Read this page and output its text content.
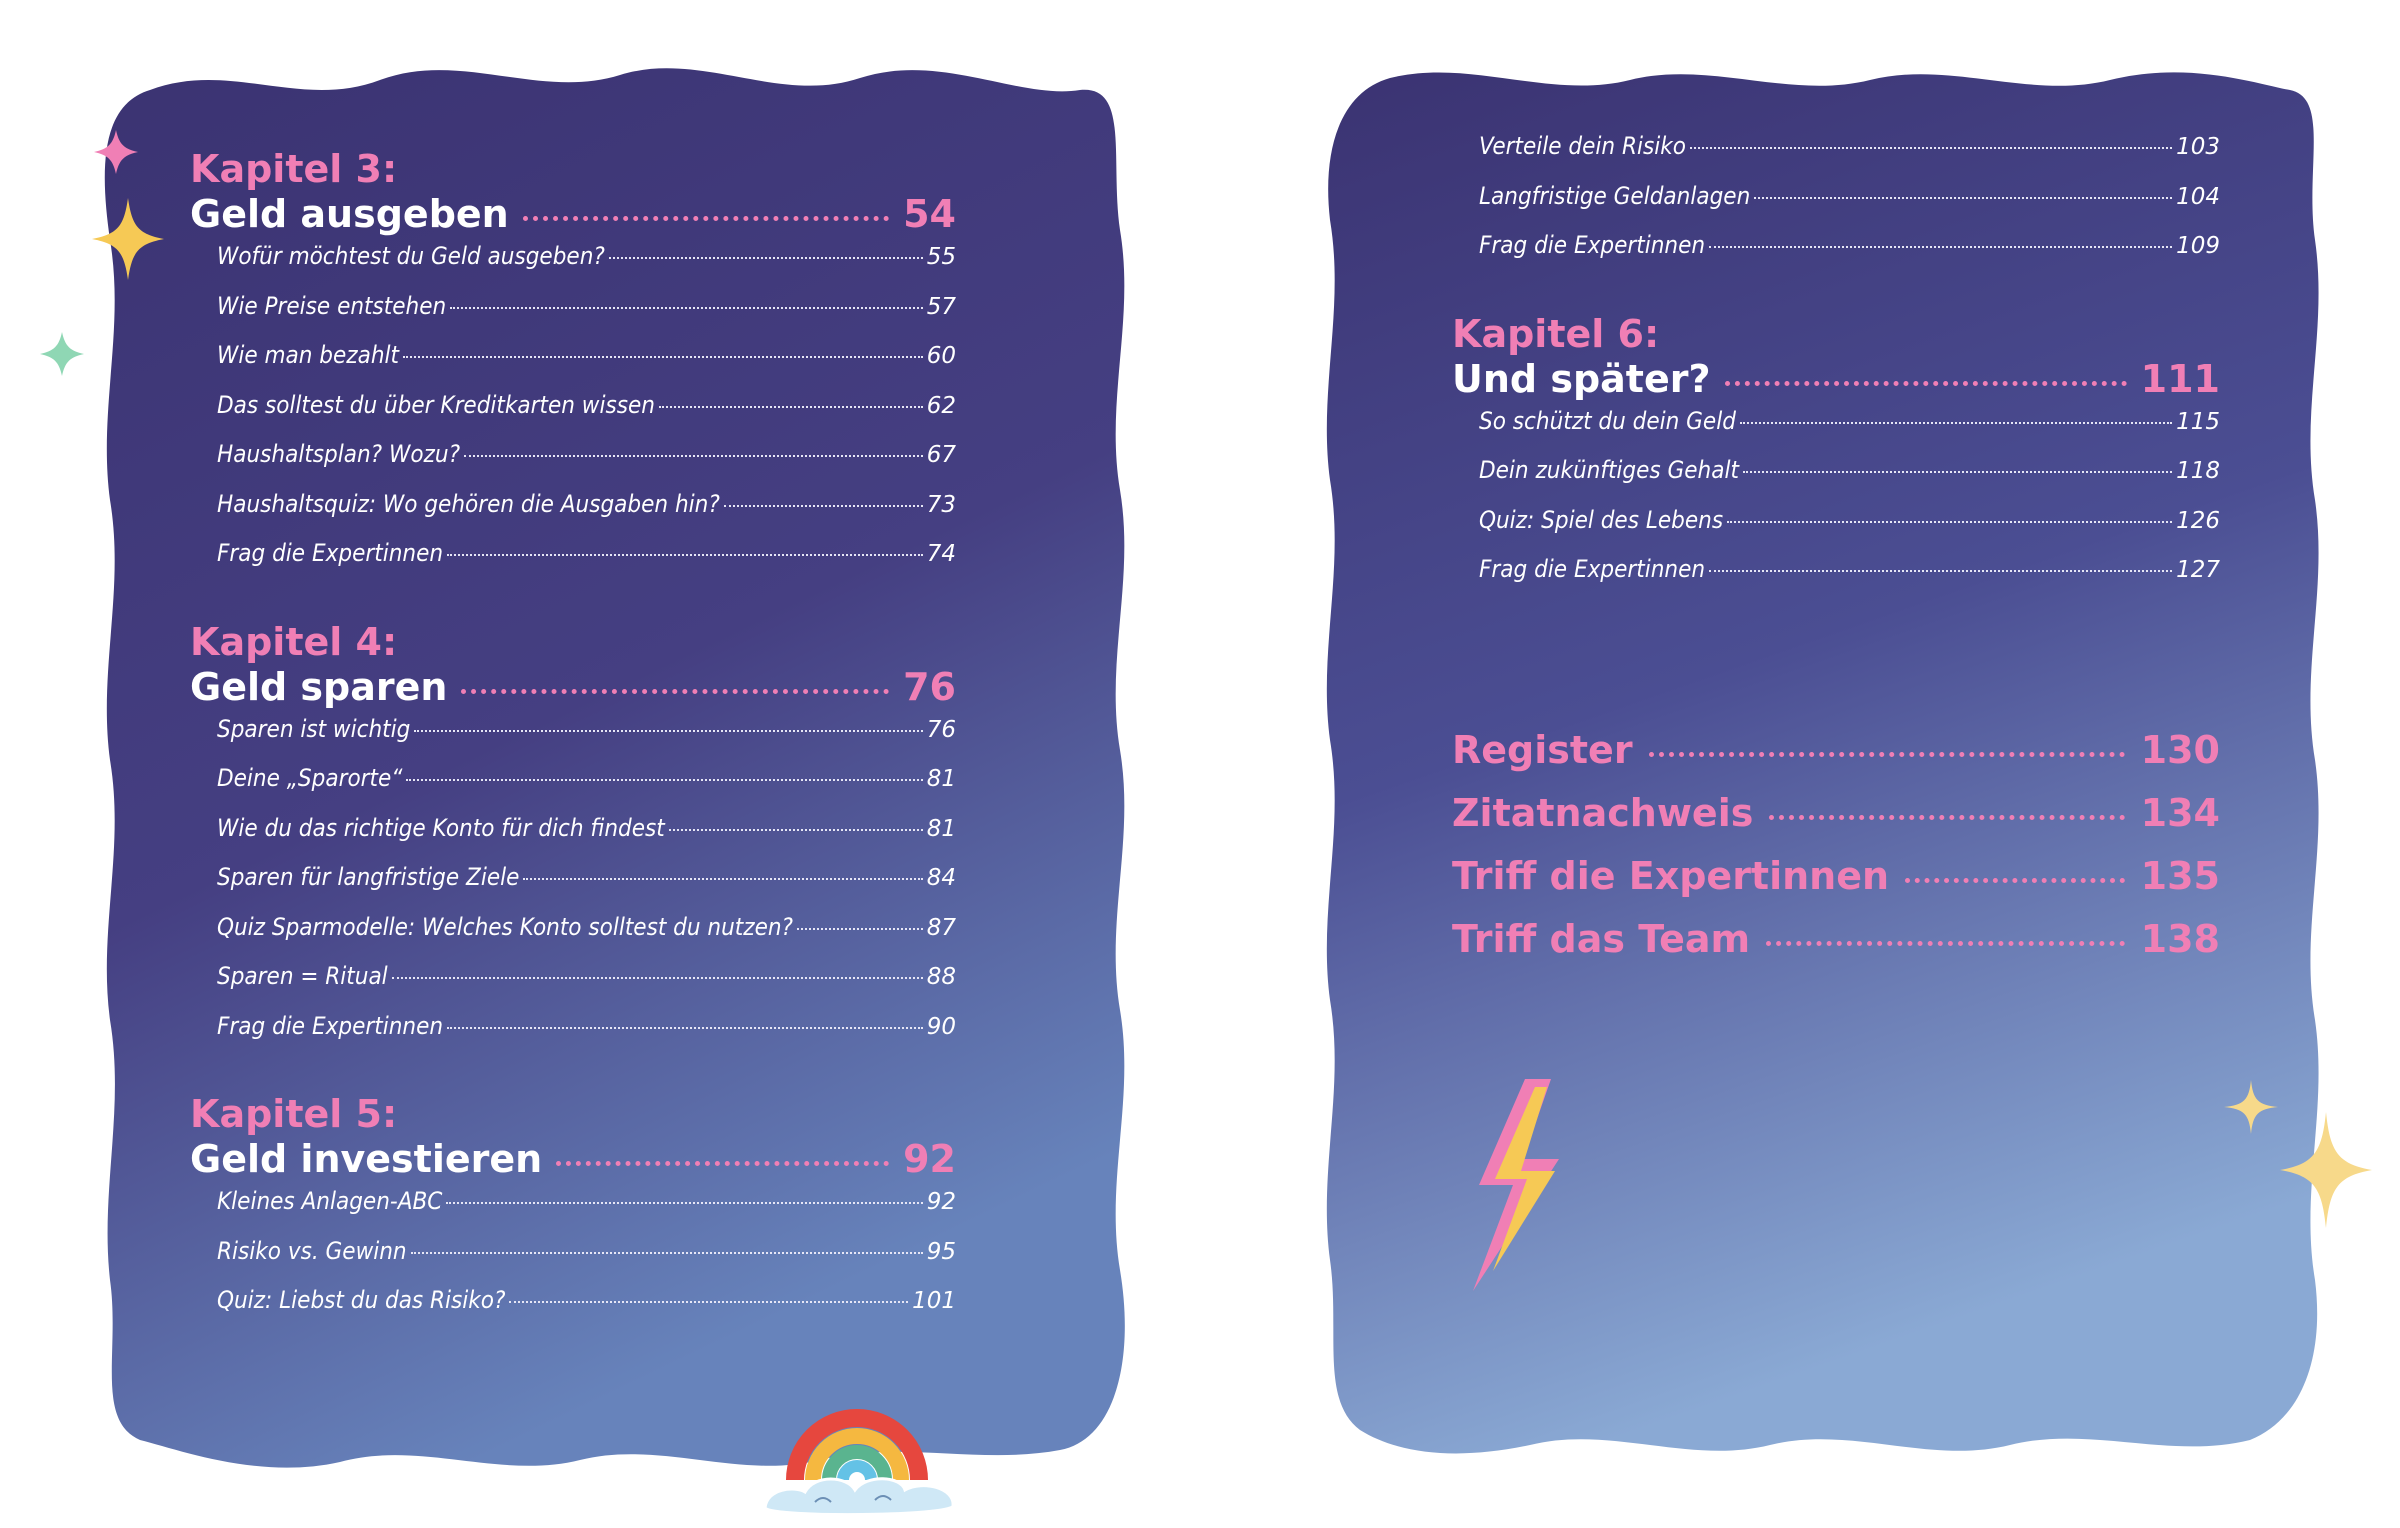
Kapitel 3:
Geld ausgeben	54
Wofür möchtest du Geld ausgeben?	55
Wie Preise entstehen	57
Wie man bezahlt	60
Das solltest du über Kreditkarten wissen	62
Haushaltsplan? Wozu?	67
Haushaltsquiz: Wo gehören die Ausgaben hin?	73
Frag die Expertinnen	74
Kapitel 4:
Geld sparen	76
Sparen ist wichtig	76
Deine „Sparorte“	81
Wie du das richtige Konto für dich findest	81
Sparen für langfristige Ziele	84
Quiz Sparmodelle: Welches Konto solltest du nutzen?	87
Sparen = Ritual	88
Frag die Expertinnen	90
Kapitel 5:
Geld investieren	92
Kleines Anlagen-ABC	92
Risiko vs. Gewinn	95
Quiz: Liebst du das Risiko?	101
Verteile dein Risiko	103
Langfristige Geldanlagen	104
Frag die Expertinnen	109
Kapitel 6:
Und später?	111
So schützt du dein Geld	115
Dein zukünftiges Gehalt	118
Quiz: Spiel des Lebens	126
Frag die Expertinnen	127
Register	130
Zitatnachweis	134
Triff die Expertinnen	135
Triff das Team	138
